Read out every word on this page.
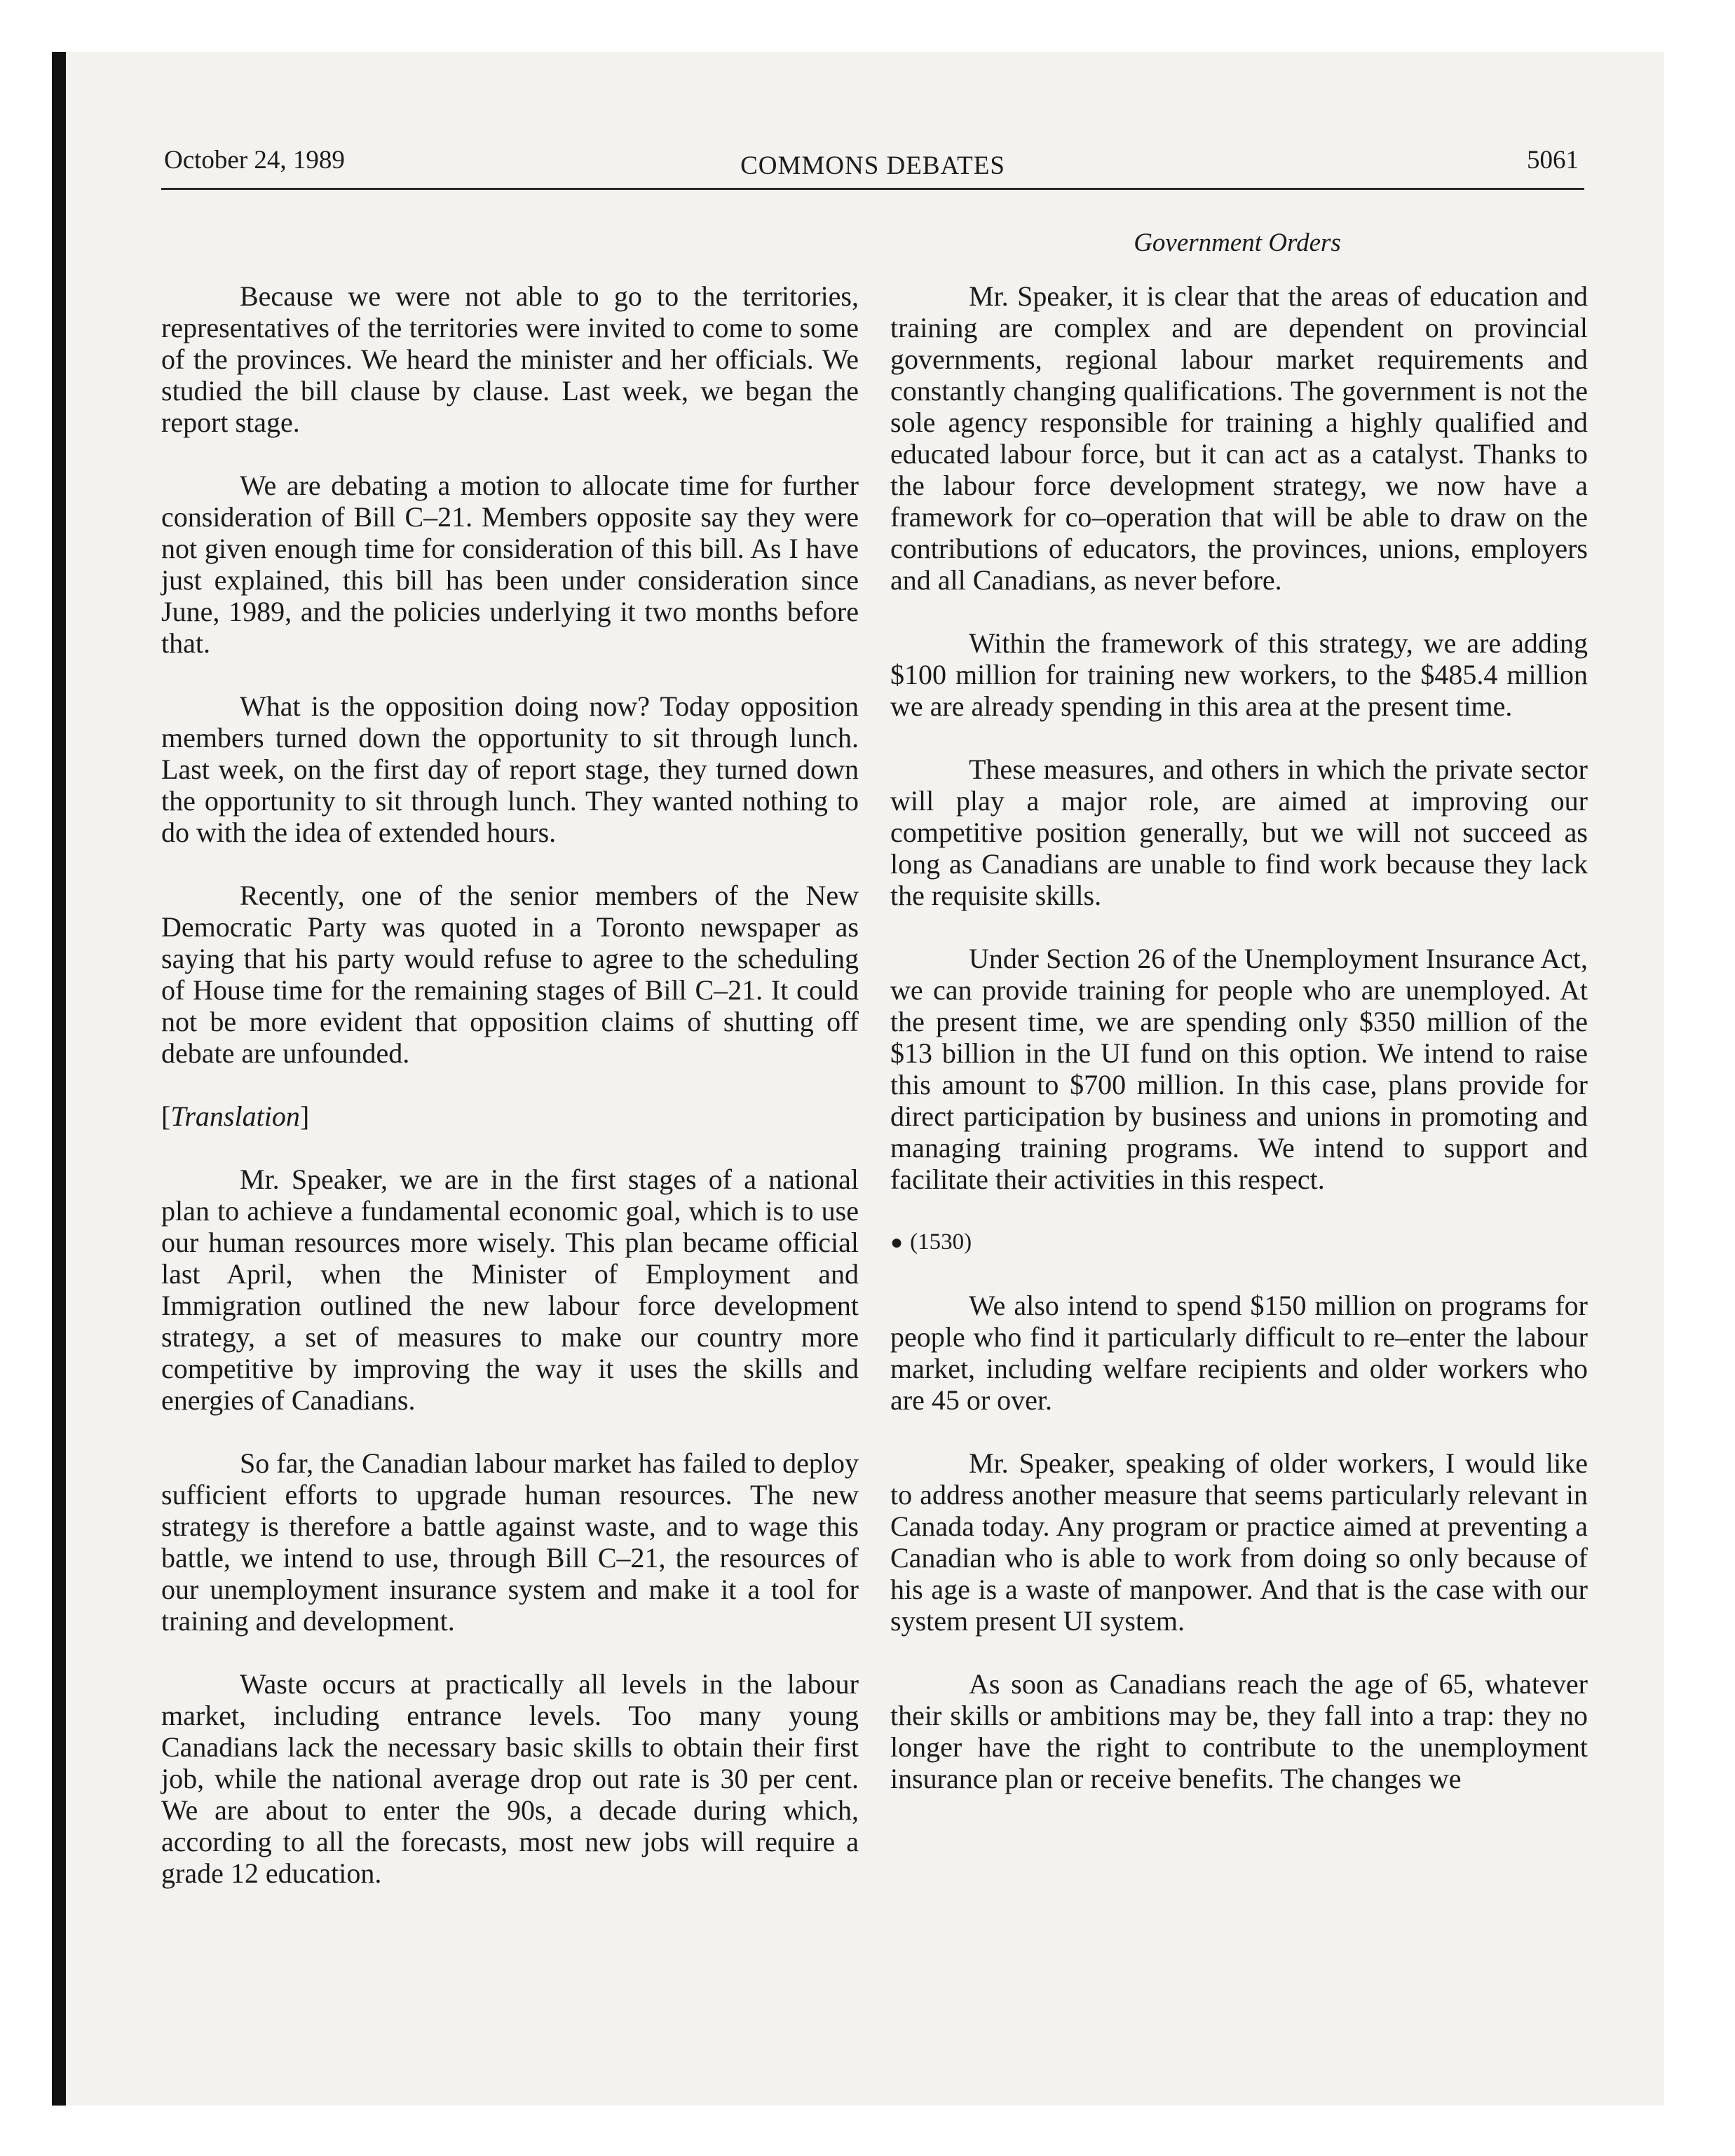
October 24, 1989	COMMONS DEBATES	5061
Government Orders

Because we were not able to go to the territories, representatives of the territories were invited to come to some of the provinces. We heard the minister and her officials. We studied the bill clause by clause. Last week, we began the report stage.

We are debating a motion to allocate time for further consideration of Bill C–21. Members opposite say they were not given enough time for consideration of this bill. As I have just explained, this bill has been under consideration since June, 1989, and the policies underlying it two months before that.

What is the opposition doing now? Today opposition members turned down the opportunity to sit through lunch. Last week, on the first day of report stage, they turned down the opportunity to sit through lunch. They wanted nothing to do with the idea of extended hours.

Recently, one of the senior members of the New Democratic Party was quoted in a Toronto newspaper as saying that his party would refuse to agree to the scheduling of House time for the remaining stages of Bill C–21. It could not be more evident that opposition claims of shutting off debate are unfounded.

[Translation]

Mr. Speaker, we are in the first stages of a national plan to achieve a fundamental economic goal, which is to use our human resources more wisely. This plan became official last April, when the Minister of Employment and Immigration outlined the new labour force development strategy, a set of measures to make our country more competitive by improving the way it uses the skills and energies of Canadians.

So far, the Canadian labour market has failed to deploy sufficient efforts to upgrade human resources. The new strategy is therefore a battle against waste, and to wage this battle, we intend to use, through Bill C–21, the resources of our unemployment insurance system and make it a tool for training and development.

Waste occurs at practically all levels in the labour market, including entrance levels. Too many young Canadians lack the necessary basic skills to obtain their first job, while the national average drop out rate is 30 per cent. We are about to enter the 90s, a decade during which, according to all the forecasts, most new jobs will require a grade 12 education.

Mr. Speaker, it is clear that the areas of education and training are complex and are dependent on provincial governments, regional labour market requirements and constantly changing qualifications. The government is not the sole agency responsible for training a highly qualified and educated labour force, but it can act as a catalyst. Thanks to the labour force development strategy, we now have a framework for co–operation that will be able to draw on the contributions of educators, the provinces, unions, employers and all Canadians, as never before.

Within the framework of this strategy, we are adding $100 million for training new workers, to the $485.4 million we are already spending in this area at the present time.

These measures, and others in which the private sector will play a major role, are aimed at improving our competitive position generally, but we will not succeed as long as Canadians are unable to find work because they lack the requisite skills.

Under Section 26 of the Unemployment Insurance Act, we can provide training for people who are unemployed. At the present time, we are spending only $350 million of the $13 billion in the UI fund on this option. We intend to raise this amount to $700 million. In this case, plans provide for direct participation by business and unions in promoting and managing training programs. We intend to support and facilitate their activities in this respect.

● (1530)

We also intend to spend $150 million on programs for people who find it particularly difficult to re–enter the labour market, including welfare recipients and older workers who are 45 or over.

Mr. Speaker, speaking of older workers, I would like to address another measure that seems particularly relevant in Canada today. Any program or practice aimed at preventing a Canadian who is able to work from doing so only because of his age is a waste of manpower. And that is the case with our system present UI system.

As soon as Canadians reach the age of 65, whatever their skills or ambitions may be, they fall into a trap: they no longer have the right to contribute to the unemployment insurance plan or receive benefits. The changes we
